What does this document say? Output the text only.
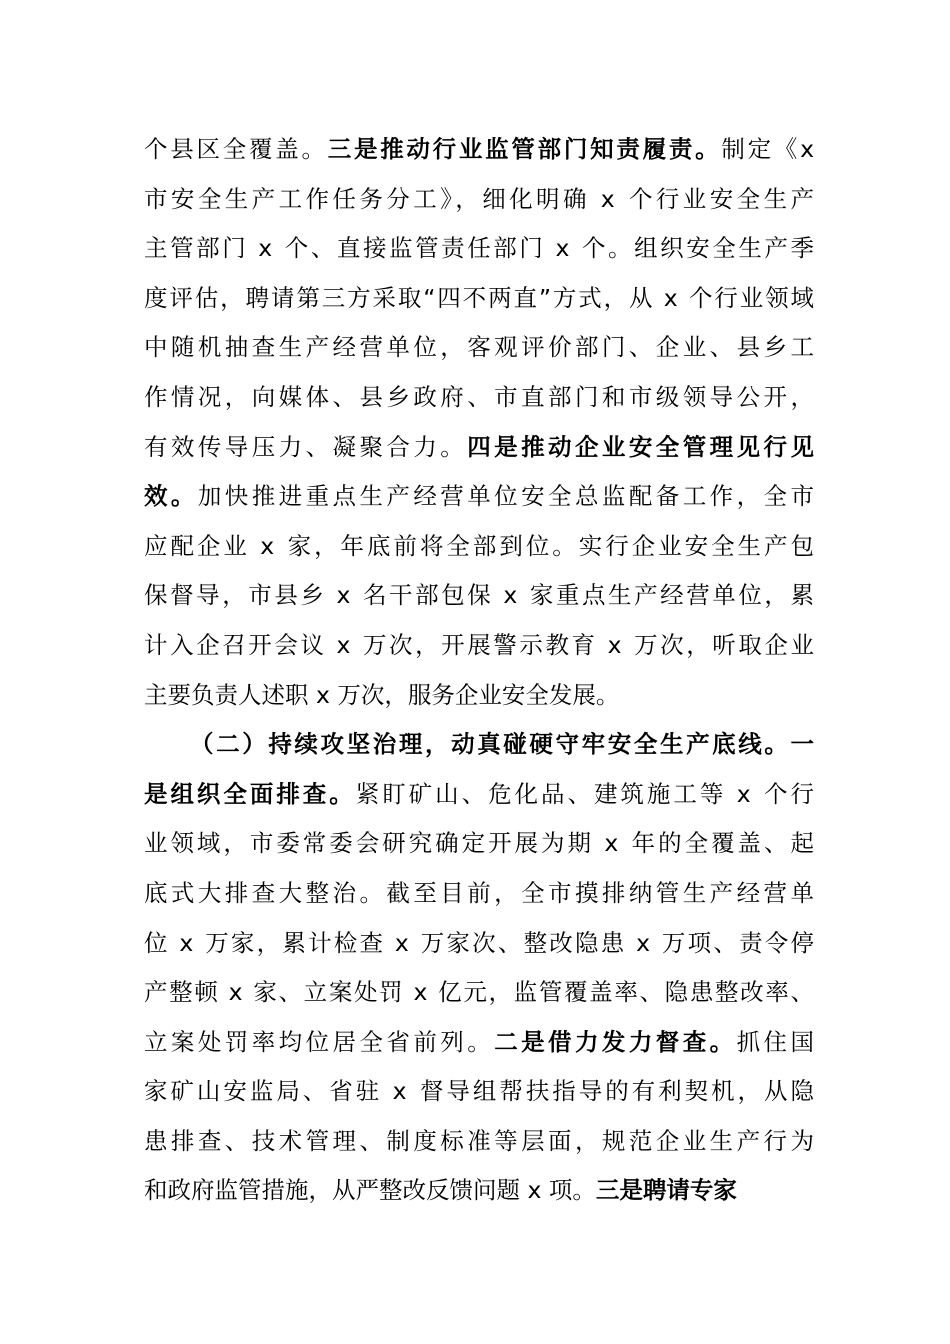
个县区全覆盖。三是推动行业监管部门知责履责。制定《x
市安全生产工作任务分工》，细化明确 x 个行业安全生产
主管部门 x 个、直接监管责任部门 x 个。组织安全生产季
度评估，聘请第三方采取“四不两直”方式，从 x 个行业领域
中随机抽查生产经营单位，客观评价部门、企业、县乡工
作情况，向媒体、县乡政府、市直部门和市级领导公开，
有效传导压力、凝聚合力。四是推动企业安全管理见行见
效。加快推进重点生产经营单位安全总监配备工作，全市
应配企业 x 家，年底前将全部到位。实行企业安全生产包
保督导，市县乡 x 名干部包保 x 家重点生产经营单位，累
计入企召开会议 x 万次，开展警示教育 x 万次，听取企业
主要负责人述职 x 万次，服务企业安全发展。
（二）持续攻坚治理，动真碰硬守牢安全生产底线。一
是组织全面排查。紧盯矿山、危化品、建筑施工等 x 个行
业领域，市委常委会研究确定开展为期 x 年的全覆盖、起
底式大排查大整治。截至目前，全市摸排纳管生产经营单
位 x 万家，累计检查 x 万家次、整改隐患 x 万项、责令停
产整顿 x 家、立案处罚 x 亿元，监管覆盖率、隐患整改率、
立案处罚率均位居全省前列。二是借力发力督查。抓住国
家矿山安监局、省驻 x 督导组帮扶指导的有利契机，从隐
患排查、技术管理、制度标准等层面，规范企业生产行为
和政府监管措施，从严整改反馈问题 x 项。三是聘请专家
